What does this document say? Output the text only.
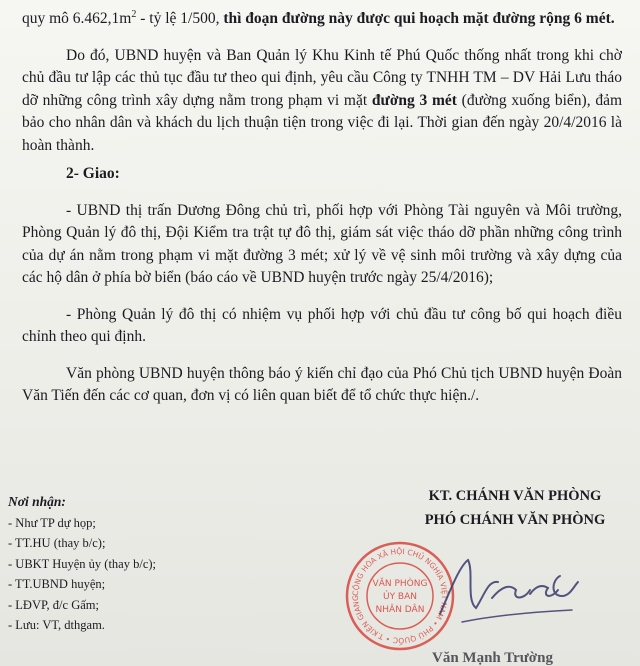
quy mô $6.462,1m^2$ - tỷ lệ 1/500, thì đoạn đường này được qui hoạch mặt đường rộng 6 mét.

Do đó, UBND huyện và Ban Quản lý Khu Kinh tế Phú Quốc thống nhất trong khi chờ chủ đầu tư lập các thủ tục đầu tư theo qui định, yêu cầu Công ty TNHH TM – DV Hải Lưu tháo dỡ những công trình xây dựng nằm trong phạm vi mặt đường 3 mét (đường xuống biển), đảm bảo cho nhân dân và khách du lịch thuận tiện trong việc đi lại. Thời gian đến ngày 20/4/2016 là hoàn thành.

2- Giao:

- UBND thị trấn Dương Đông chủ trì, phối hợp với Phòng Tài nguyên và Môi trường, Phòng Quản lý đô thị, Đội Kiểm tra trật tự đô thị, giám sát việc tháo dỡ phần những công trình của dự án nằm trong phạm vi mặt đường 3 mét; xử lý về vệ sinh môi trường và xây dựng của các hộ dân ở phía bờ biển (báo cáo về UBND huyện trước ngày 25/4/2016);

- Phòng Quản lý đô thị có nhiệm vụ phối hợp với chủ đầu tư công bố qui hoạch điều chỉnh theo qui định.

Văn phòng UBND huyện thông báo ý kiến chỉ đạo của Phó Chủ tịch UBND huyện Đoàn Văn Tiến đến các cơ quan, đơn vị có liên quan biết để tổ chức thực hiện./.

Nơi nhận:
- Như TP dự họp;
- TT.HU (thay b/c);
- UBKT Huyện ủy (thay b/c);
- TT.UBND huyện;
- LĐVP, đ/c Gấm;
- Lưu: VT, dthgam.
KT. CHÁNH VĂN PHÒNG
PHÓ CHÁNH VĂN PHÒNG
CỘNG HÒA XÃ HỘI CHỦ NGHĨA VIỆT NAM • PHÚ QUỐC • T.KIÊN GIANG
VĂN PHÒNG
ỦY BAN
NHÂN DÂN
Văn Mạnh Trường
